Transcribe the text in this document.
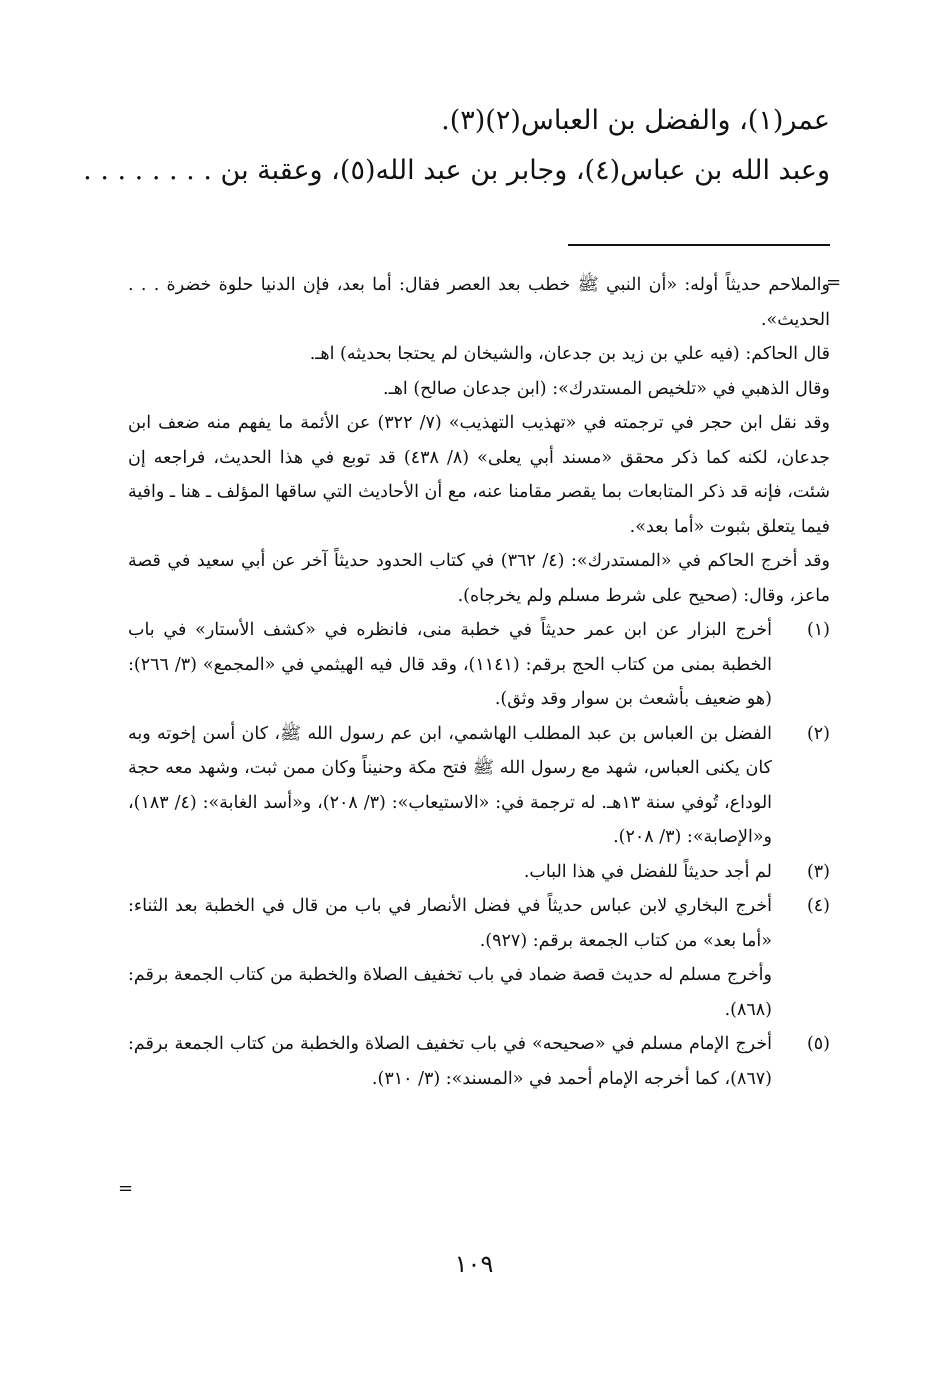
عمر(١)، والفضل بن العباس(٢)(٣).
وعبد الله بن عباس(٤)، وجابر بن عبد الله(٥)، وعقبة بن . . . . . . . .
=
والملاحم حديثاً أوله: «أن النبي ﷺ خطب بعد العصر فقال: أما بعد، فإن الدنيا حلوة خضرة . . . الحديث».
قال الحاكم: (فيه علي بن زيد بن جدعان، والشيخان لم يحتجا بحديثه) اهـ.
وقال الذهبي في «تلخيص المستدرك»: (ابن جدعان صالح) اهـ.
وقد نقل ابن حجر في ترجمته في «تهذيب التهذيب» (٧/ ٣٢٢) عن الأئمة ما يفهم منه ضعف ابن جدعان، لكنه كما ذكر محقق «مسند أبي يعلى» (٨/ ٤٣٨) قد توبع في هذا الحديث، فراجعه إن شئت، فإنه قد ذكر المتابعات بما يقصر مقامنا عنه، مع أن الأحاديث التي ساقها المؤلف ـ هنا ـ وافية فيما يتعلق بثبوت «أما بعد».
وقد أخرج الحاكم في «المستدرك»: (٤/ ٣٦٢) في كتاب الحدود حديثاً آخر عن أبي سعيد في قصة ماعز، وقال: (صحيح على شرط مسلم ولم يخرجاه).
(١)
أخرج البزار عن ابن عمر حديثاً في خطبة منى، فانظره في «كشف الأستار» في باب الخطبة بمنى من كتاب الحج برقم: (١١٤١)، وقد قال فيه الهيثمي في «المجمع» (٣/ ٢٦٦): (هو ضعيف بأشعث بن سوار وقد وثق).
(٢)
الفضل بن العباس بن عبد المطلب الهاشمي، ابن عم رسول الله ﷺ، كان أسن إخوته وبه كان يكنى العباس، شهد مع رسول الله ﷺ فتح مكة وحنيناً وكان ممن ثبت، وشهد معه حجة الوداع، تُوفي سنة ١٣هـ. له ترجمة في: «الاستيعاب»: (٣/ ٢٠٨)، و«أسد الغابة»: (٤/ ١٨٣)، و«الإصابة»: (٣/ ٢٠٨).
(٣)
لم أجد حديثاً للفضل في هذا الباب.
(٤)
أخرج البخاري لابن عباس حديثاً في فضل الأنصار في باب من قال في الخطبة بعد الثناء: «أما بعد» من كتاب الجمعة برقم: (٩٢٧).
وأخرج مسلم له حديث قصة ضماد في باب تخفيف الصلاة والخطبة من كتاب الجمعة برقم: (٨٦٨).
(٥)
أخرج الإمام مسلم في «صحيحه» في باب تخفيف الصلاة والخطبة من كتاب الجمعة برقم: (٨٦٧)، كما أخرجه الإمام أحمد في «المسند»: (٣/ ٣١٠).
=
١٠٩
